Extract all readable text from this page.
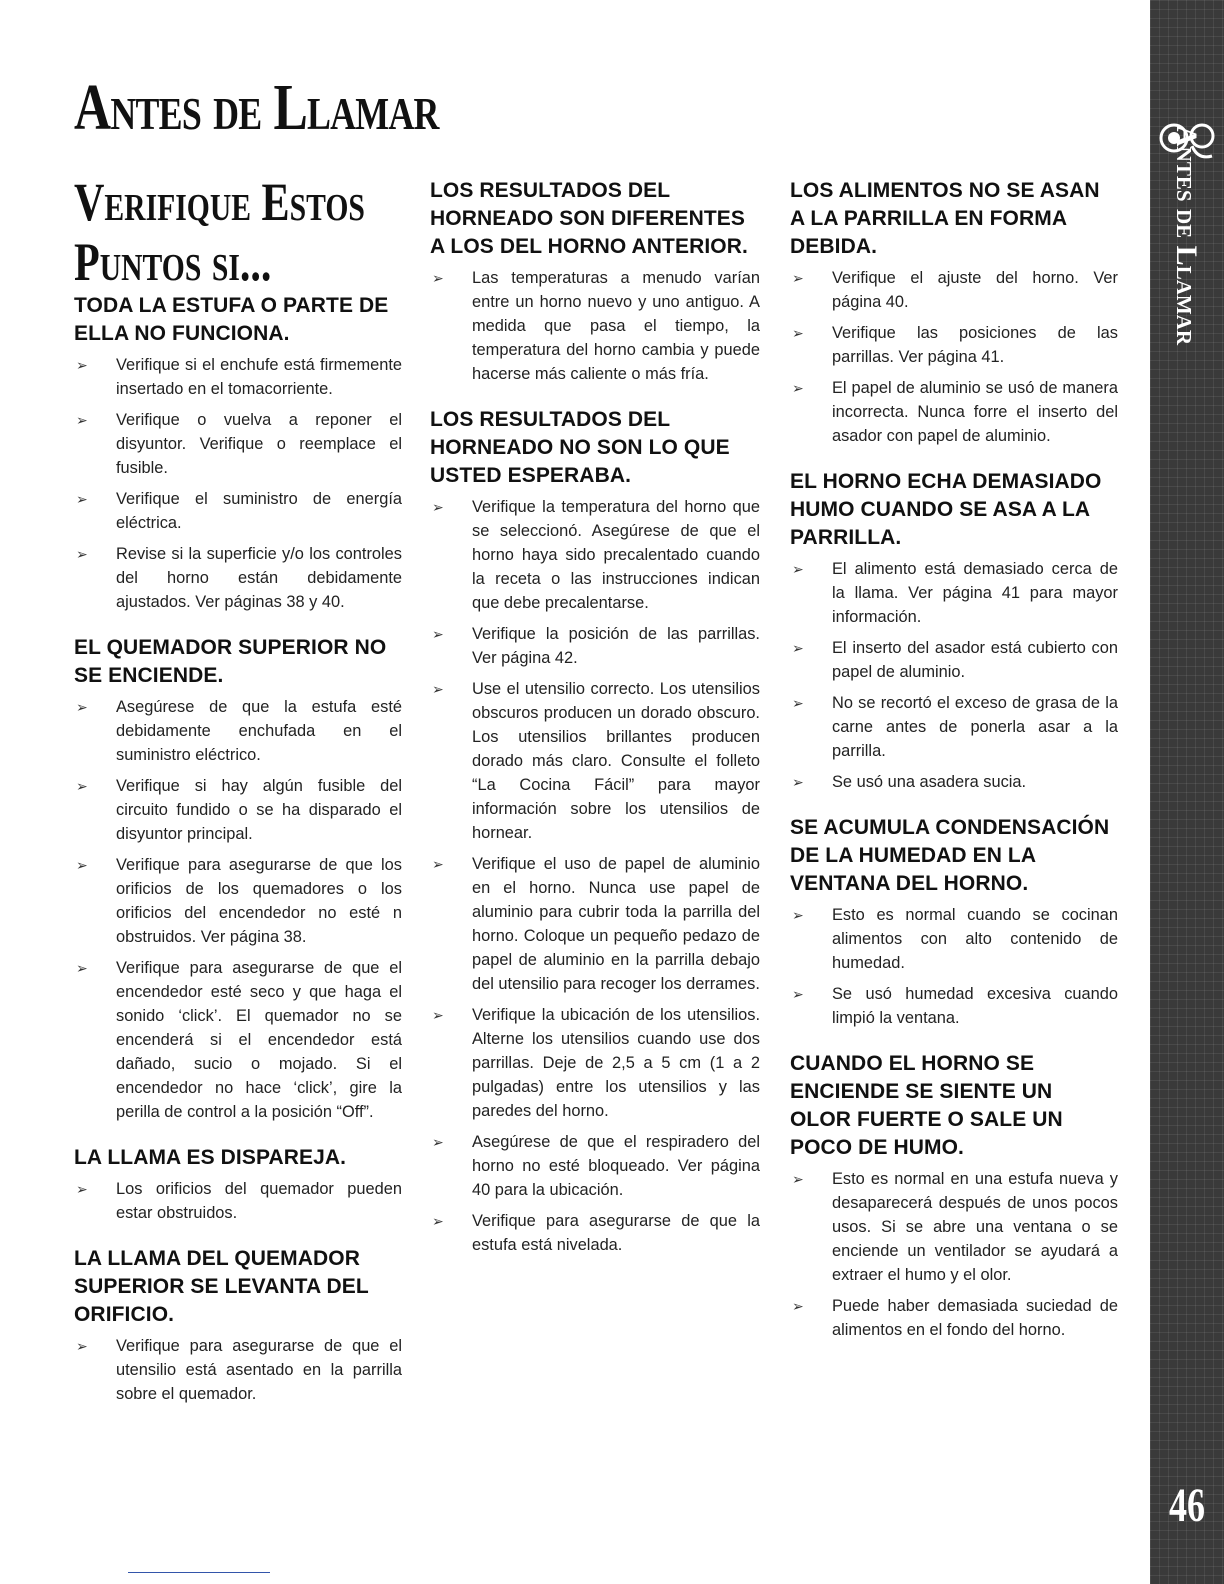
Antes de Llamar
Verifique Estos
Puntos si...
TODA LA ESTUFA O PARTE DE ELLA NO FUNCIONA.
➢ Verifique si el enchufe está firmemente insertado en el tomacorriente.
➢ Verifique o vuelva a reponer el disyuntor. Verifique o reemplace el fusible.
➢ Verifique el suministro de energía eléctrica.
➢ Revise si la superficie y/o los controles del horno están debidamente ajustados. Ver páginas 38 y 40.
EL QUEMADOR SUPERIOR NO SE ENCIENDE.
➢ Asegúrese de que la estufa esté debidamente enchufada en el suministro eléctrico.
➢ Verifique si hay algún fusible del circuito fundido o se ha disparado el disyuntor principal.
➢ Verifique para asegurarse de que los orificios de los quemadores o los orificios del encendedor no esté n obstruidos. Ver página 38.
➢ Verifique para asegurarse de que el encendedor esté seco y que haga el sonido ‘click’. El quemador no se encenderá si el encendedor está dañado, sucio o mojado. Si el encendedor no hace ‘click’, gire la perilla de control a la posición “Off”.
LA LLAMA ES DISPAREJA.
➢ Los orificios del quemador pueden estar obstruidos.
LA LLAMA DEL QUEMADOR SUPERIOR SE LEVANTA DEL ORIFICIO.
➢ Verifique para asegurarse de que el utensilio está asentado en la parrilla sobre el quemador.
LOS RESULTADOS DEL HORNEADO SON DIFERENTES A LOS DEL HORNO ANTERIOR.
➢ Las temperaturas a menudo varían entre un horno nuevo y uno antiguo. A medida que pasa el tiempo, la temperatura del horno cambia y puede hacerse más caliente o más fría.
LOS RESULTADOS DEL HORNEADO NO SON LO QUE USTED ESPERABA.
➢ Verifique la temperatura del horno que se seleccionó. Asegúrese de que el horno haya sido precalentado cuando la receta o las instrucciones indican que debe precalentarse.
➢ Verifique la posición de las parrillas. Ver página 42.
➢ Use el utensilio correcto. Los utensilios obscuros producen un dorado obscuro. Los utensilios brillantes producen dorado más claro. Consulte el folleto “La Cocina Fácil” para mayor información sobre los utensilios de hornear.
➢ Verifique el uso de papel de aluminio en el horno. Nunca use papel de aluminio para cubrir toda la parrilla del horno. Coloque un pequeño pedazo de papel de aluminio en la parrilla debajo del utensilio para recoger los derrames.
➢ Verifique la ubicación de los utensilios. Alterne los utensilios cuando use dos parrillas. Deje de 2,5 a 5 cm (1 a 2 pulgadas) entre los utensilios y las paredes del horno.
➢ Asegúrese de que el respiradero del horno no esté bloqueado. Ver página 40 para la ubicación.
➢ Verifique para asegurarse de que la estufa está nivelada.
LOS ALIMENTOS NO SE ASAN A LA PARRILLA EN FORMA DEBIDA.
➢ Verifique el ajuste del horno. Ver página 40.
➢ Verifique las posiciones de las parrillas. Ver página 41.
➢ El papel de aluminio se usó de manera incorrecta. Nunca forre el inserto del asador con papel de aluminio.
EL HORNO ECHA DEMASIADO HUMO CUANDO SE ASA A LA PARRILLA.
➢ El alimento está demasiado cerca de la llama. Ver página 41 para mayor información.
➢ El inserto del asador está cubierto con papel de aluminio.
➢ No se recortó el exceso de grasa de la carne antes de ponerla asar a la parrilla.
➢ Se usó una asadera sucia.
SE ACUMULA CONDENSACIÓN DE LA HUMEDAD EN LA VENTANA DEL HORNO.
➢ Esto es normal cuando se cocinan alimentos con alto contenido de humedad.
➢ Se usó humedad excesiva cuando limpió la ventana.
CUANDO EL HORNO SE ENCIENDE SE SIENTE UN OLOR FUERTE O SALE UN POCO DE HUMO.
➢ Esto es normal en una estufa nueva y desaparecerá después de unos pocos usos. Si se abre una ventana o se enciende un ventilador se ayudará a extraer el humo y el olor.
➢ Puede haber demasiada suciedad de alimentos en el fondo del horno.
Antes de Llamar
46
